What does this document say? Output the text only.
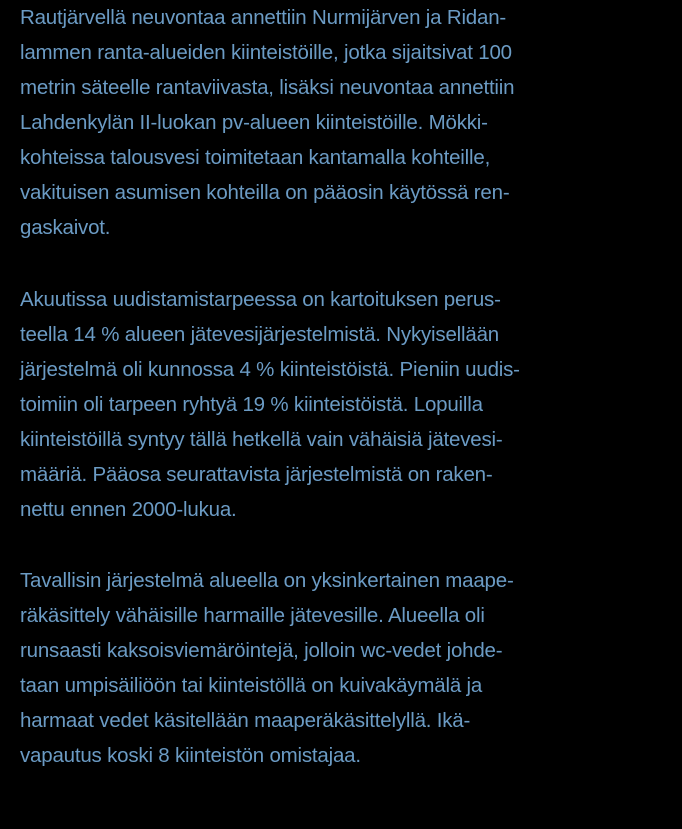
Rautjärvellä neuvontaa annettiin Nurmijärven ja Ridan-
lammen ranta-alueiden kiinteistöille, jotka sijaitsivat 100
metrin säteelle rantaviivasta, lisäksi neuvontaa annettiin
Lahdenkylän II-luokan pv-alueen kiinteistöille. Mökki-
kohteissa talousvesi toimitetaan kantamalla kohteille,
vakituisen asumisen kohteilla on pääosin käytössä ren-
gaskaivot.
Akuutissa uudistamistarpeessa on kartoituksen perus-
teella 14 % alueen jätevesijärjestelmistä. Nykyisellään
järjestelmä oli kunnossa 4 % kiinteistöistä. Pieniin uudis-
toimiin oli tarpeen ryhtyä 19 % kiinteistöistä. Lopuilla
kiinteistöillä syntyy tällä hetkellä vain vähäisiä jätevesi-
määriä. Pääosa seurattavista järjestelmistä on raken-
nettu ennen 2000-lukua.
Tavallisin järjestelmä alueella on yksinkertainen maape-
räkäsittely vähäisille harmaille jätevesille. Alueella oli
runsaasti kaksoisviemäröintejä, jolloin wc-vedet johde-
taan umpisäiliöön tai kiinteistöllä on kuivakäymälä ja
harmaat vedet käsitellään maaperäkäsittelyllä. Ikä-
vapautus koski 8 kiinteistön omistajaa.
